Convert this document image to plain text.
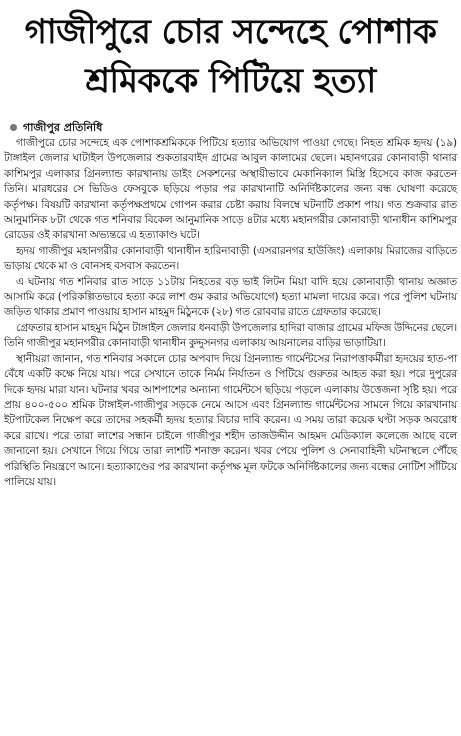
গাজীপুরে চোর সন্দেহে পোশাক
শ্রমিককে পিটিয়ে হত্যা
গাজীপুর প্রতিনিধি

গাজীপুরে চোর সন্দেহে এক পোশাকশ্রমিককে পিটিয়ে হত্যার অভিযোগ পাওয়া গেছে। নিহত শ্রমিক হৃদয় (১৯) টাঙ্গাইল জেলার ঘাটাইল উপজেলার শুকতারবাইদ গ্রামের আবুল কালামের ছেলে। মহানগরের কোনাবাড়ী থানার কাশিমপুর এলাকার গ্রিনল্যান্ড কারখানায় ডাইং সেকশনের অস্থায়ীভাবে মেকানিক্যাল মিস্ত্রি হিসেবে কাজ করতেন তিনি। মারধরের সে ভিডিও ফেসবুকে ছড়িয়ে পড়ার পর কারখানাটি অনির্দিষ্টকালের জন্য বন্ধ ঘোষণা করেছে কর্তৃপক্ষ। বিষয়টি কারখানা কর্তৃপক্ষপ্রথমে গোপন করার চেষ্টা করায় বিলম্বে ঘটনাটি প্রকাশ পায়। গত শুক্রবার রাত আনুমানিক ৮টা থেকে গত শনিবার বিকেল আনুমানিক সাড়ে ৪টার মধ্যে মহানগরীর কোনাবাড়ী থানাধীন কাশিমপুর রোডের ওই কারখানা অভ্যন্তরে এ হত্যাকাণ্ড ঘটে।

হৃদয় গাজীপুর মহানগরীর কোনাবাড়ী থানাধীন হারিনাবাড়ী (এসরারনগর হাউজিং) এলাকায় মিরাজের বাড়িতে ভাড়ায় থেকে মা ও বোনসহ বসবাস করতেন।

এ ঘটনায় গত শনিবার রাত সাড়ে ১১টায় নিহতের বড় ভাই লিটন মিয়া বাদি হয়ে কোনাবাড়ী থানায় অজ্ঞাত আসামি করে (পরিকল্পিতভাবে হত্যা করে লাশ গুম করার অভিযোগে) হত্যা মামলা দায়ের করে। পরে পুলিশ ঘটনায় জড়িত থাকার প্রমাণ পাওয়ায় হাসান মাহমুদ মিঠুনকে (২৮) গত রোববার রাতে গ্রেফতার করেছে।

গ্রেফতার হাসান মাহমুদ মিঠুন টাঙ্গাইল জেলার ধনবাড়ী উপজেলার হাদিরা বাজার গ্রামের মফিজ উদ্দিনের ছেলে। তিনি গাজীপুর মহানগরীর কোনাবাড়ী থানাধীন কুদ্দুসনগর এলাকায় আয়নালের বাড়ির ভাড়াটিয়া।

স্থানীয়রা জানান, গত শনিবার সকালে চোর অপবাদ দিয়ে গ্রিনল্যান্ড গার্মেন্টসের নিরাপত্তাকর্মীরা হৃদয়ের হাত-পা বেঁধে একটি কক্ষে নিয়ে যায়। পরে সেখানে তাকে নির্মম নির্যাতন ও পিটিয়ে গুরুতর আহত করা হয়। পরে দুপুরের দিকে হৃদয় মারা যান। ঘটনার খবর আশপাশের অন্যান্য গার্মেন্টসে ছড়িয়ে পড়লে এলাকায় উত্তেজনা সৃষ্টি হয়। পরে প্রায় ৪০০-৫০০ শ্রমিক টাঙ্গাইল-গাজীপুর সড়কে নেমে আসে এবং গ্রিনল্যান্ড গার্মেন্টসের সামনে গিয়ে কারখানায় ইটপাটকেল নিক্ষেপ করে তাদের সহকর্মী হৃদয় হত্যার বিচার দাবি করেন। এ সময় তারা কয়েক ঘণ্টা সড়ক অবরোধ করে রাখে। পরে তারা লাশের সন্ধান চাইলে গাজীপুর শহীদ তাজউদ্দীন আহমদ মেডিক্যাল কলেজে আছে বলে জানানো হয়। সেখানে গিয়ে গিয়ে তারা লাশটি শনাক্ত করেন। খবর পেয়ে পুলিশ ও সেনাবাহিনী ঘটনাস্থলে পৌঁছে পরিস্থিতি নিয়ন্ত্রণে আনে। হত্যাকাণ্ডের পর কারখানা কর্তৃপক্ষ মূল ফটকে অনির্দিষ্টকালের জন্য বন্ধের নোটিশ সাঁটিয়ে পালিয়ে যায়।
